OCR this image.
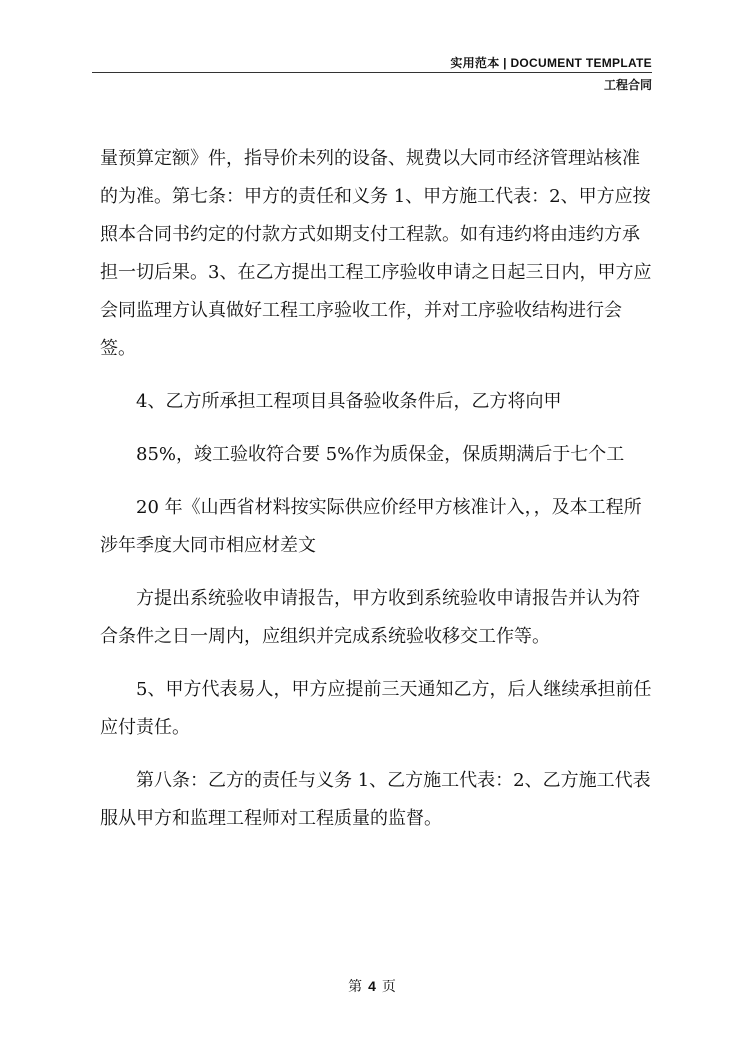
实用范本 | DOCUMENT TEMPLATE
工程合同

量预算定额》件，指导价未列的设备、规费以大同市经济管理站核准的为准。第七条：甲方的责任和义务 1、甲方施工代表：2、甲方应按照本合同书约定的付款方式如期支付工程款。如有违约将由违约方承担一切后果。3、在乙方提出工程工序验收申请之日起三日内，甲方应会同监理方认真做好工程工序验收工作，并对工序验收结构进行会签。

4、乙方所承担工程项目具备验收条件后，乙方将向甲

85%，竣工验收符合要 5%作为质保金，保质期满后于七个工

20 年《山西省材料按实际供应价经甲方核准计入，，及本工程所涉年季度大同市相应材差文

方提出系统验收申请报告，甲方收到系统验收申请报告并认为符合条件之日一周内，应组织并完成系统验收移交工作等。

5、甲方代表易人，甲方应提前三天通知乙方，后人继续承担前任应付责任。

第八条：乙方的责任与义务 1、乙方施工代表：2、乙方施工代表服从甲方和监理工程师对工程质量的监督。

第 4 页
